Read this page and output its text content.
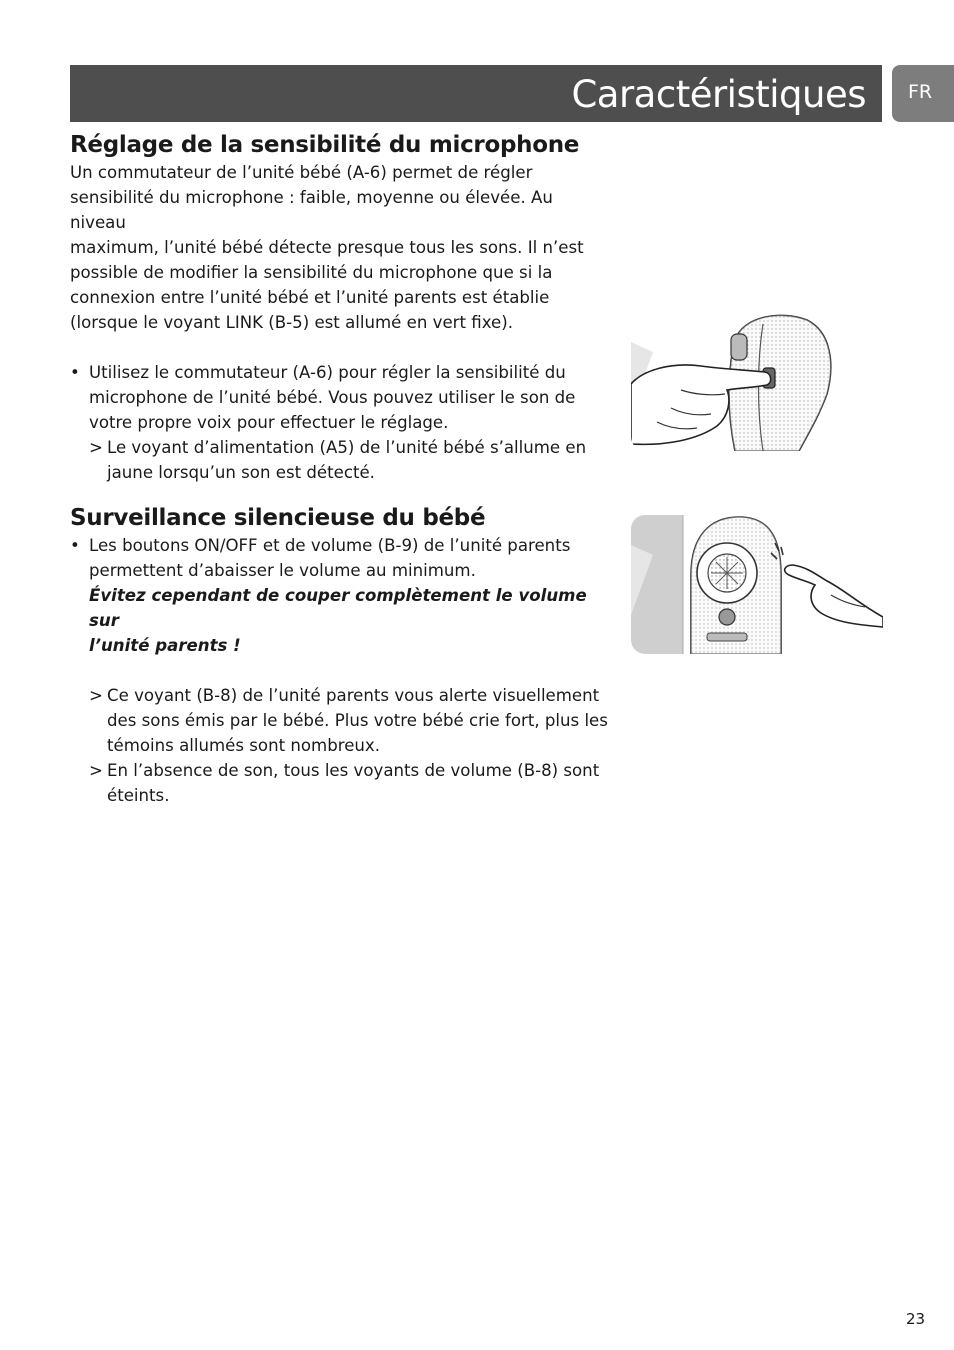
Caractéristiques	FR
Réglage de la sensibilité du microphone

Un commutateur de l’unité bébé (A-6) permet de régler
sensibilité du microphone : faible, moyenne ou élevée. Au niveau
maximum, l’unité bébé détecte presque tous les sons. Il n’est
possible de modifier la sensibilité du microphone que si la
connexion entre l’unité bébé et l’unité parents est établie
(lorsque le voyant LINK (B-5) est allumé en vert fixe).

• Utilisez le commutateur (A-6) pour régler la sensibilité du
microphone de l’unité bébé. Vous pouvez utiliser le son de
votre propre voix pour effectuer le réglage.
> Le voyant d’alimentation (A5) de l’unité bébé s’allume en
jaune lorsqu’un son est détecté.
Surveillance silencieuse du bébé
• Les boutons ON/OFF et de volume (B-9) de l’unité parents
permettent d’abaisser le volume au minimum.
Évitez cependant de couper complètement le volume sur
l’unité parents !
> Ce voyant (B-8) de l’unité parents vous alerte visuellement
des sons émis par le bébé. Plus votre bébé crie fort, plus les
témoins allumés sont nombreux.
> En l’absence de son, tous les voyants de volume (B-8) sont
éteints.
23
